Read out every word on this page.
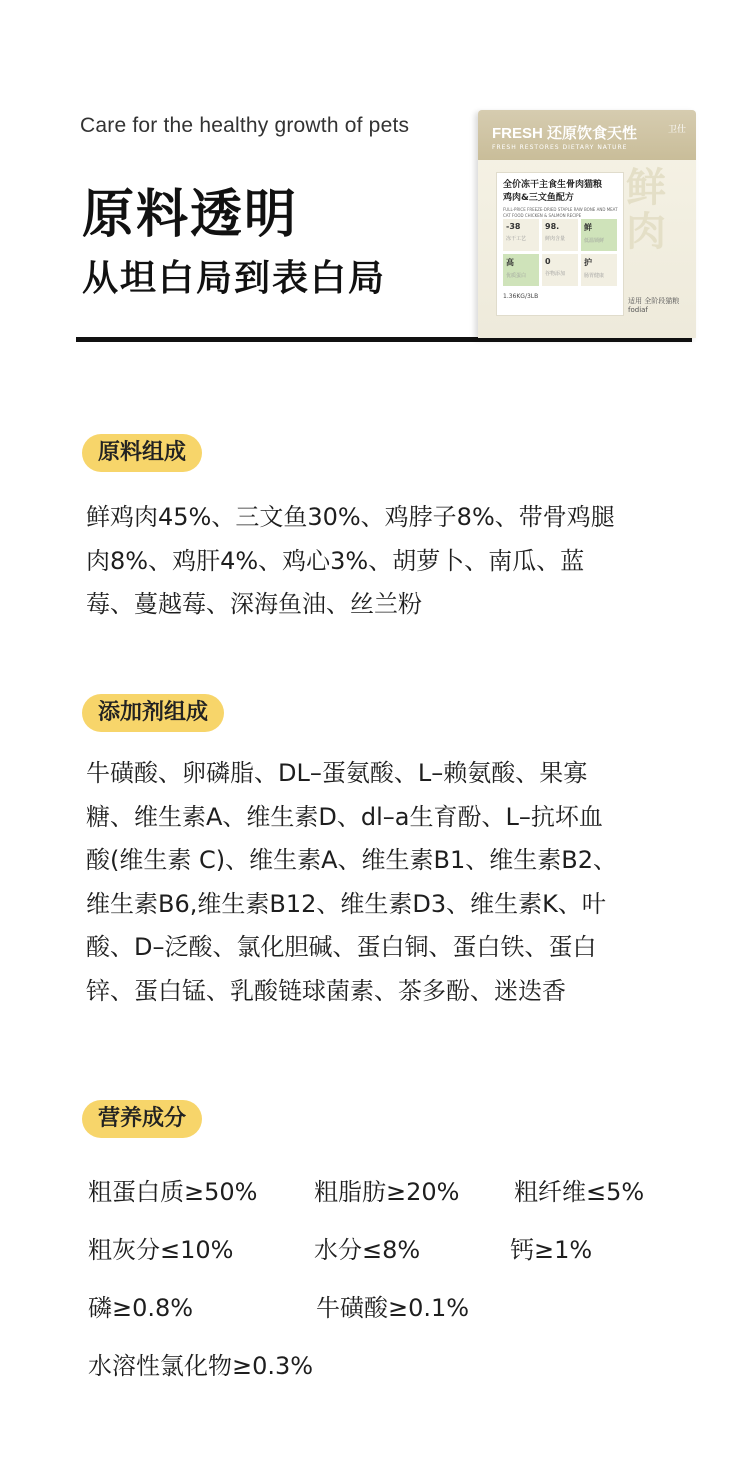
Care for the healthy growth of pets
原料透明
从坦白局到表白局
FRESH 还原饮食天性	卫仕
FRESH RESTORES DIETARY NATURE
全价冻干主食生骨肉猫粮
鸡肉&三文鱼配方
FULL-PRICE FREEZE-DRIED STAPLE RAW BONE AND MEAT CAT FOOD CHICKEN & SALMON RECIPE
-38
冻干工艺
98.
鲜肉含量
鲜
低温锁鲜
高
优质蛋白
0
谷物添加
护
肠胃健康
1.36KG/3LB
鲜肉
适用 全阶段猫粮
fodiaf
原料组成
鲜鸡肉45%、三文鱼30%、鸡脖子8%、带骨鸡腿
肉8%、鸡肝4%、鸡心3%、胡萝卜、南瓜、蓝
莓、蔓越莓、深海鱼油、丝兰粉
添加剂组成
牛磺酸、卵磷脂、DL–蛋氨酸、L–赖氨酸、果寡
糖、维生素A、维生素D、dl–a生育酚、L–抗坏血
酸(维生素 C)、维生素A、维生素B1、维生素B2、
维生素B6,维生素B12、维生素D3、维生素K、叶
酸、D–泛酸、氯化胆碱、蛋白铜、蛋白铁、蛋白
锌、蛋白锰、乳酸链球菌素、茶多酚、迷迭香
营养成分
粗蛋白质≥50% 粗脂肪≥20% 粗纤维≤5%
粗灰分≤10%	水分≤8%	钙≥1%
磷≥0.8%	牛磺酸≥0.1%
水溶性氯化物≥0.3%
